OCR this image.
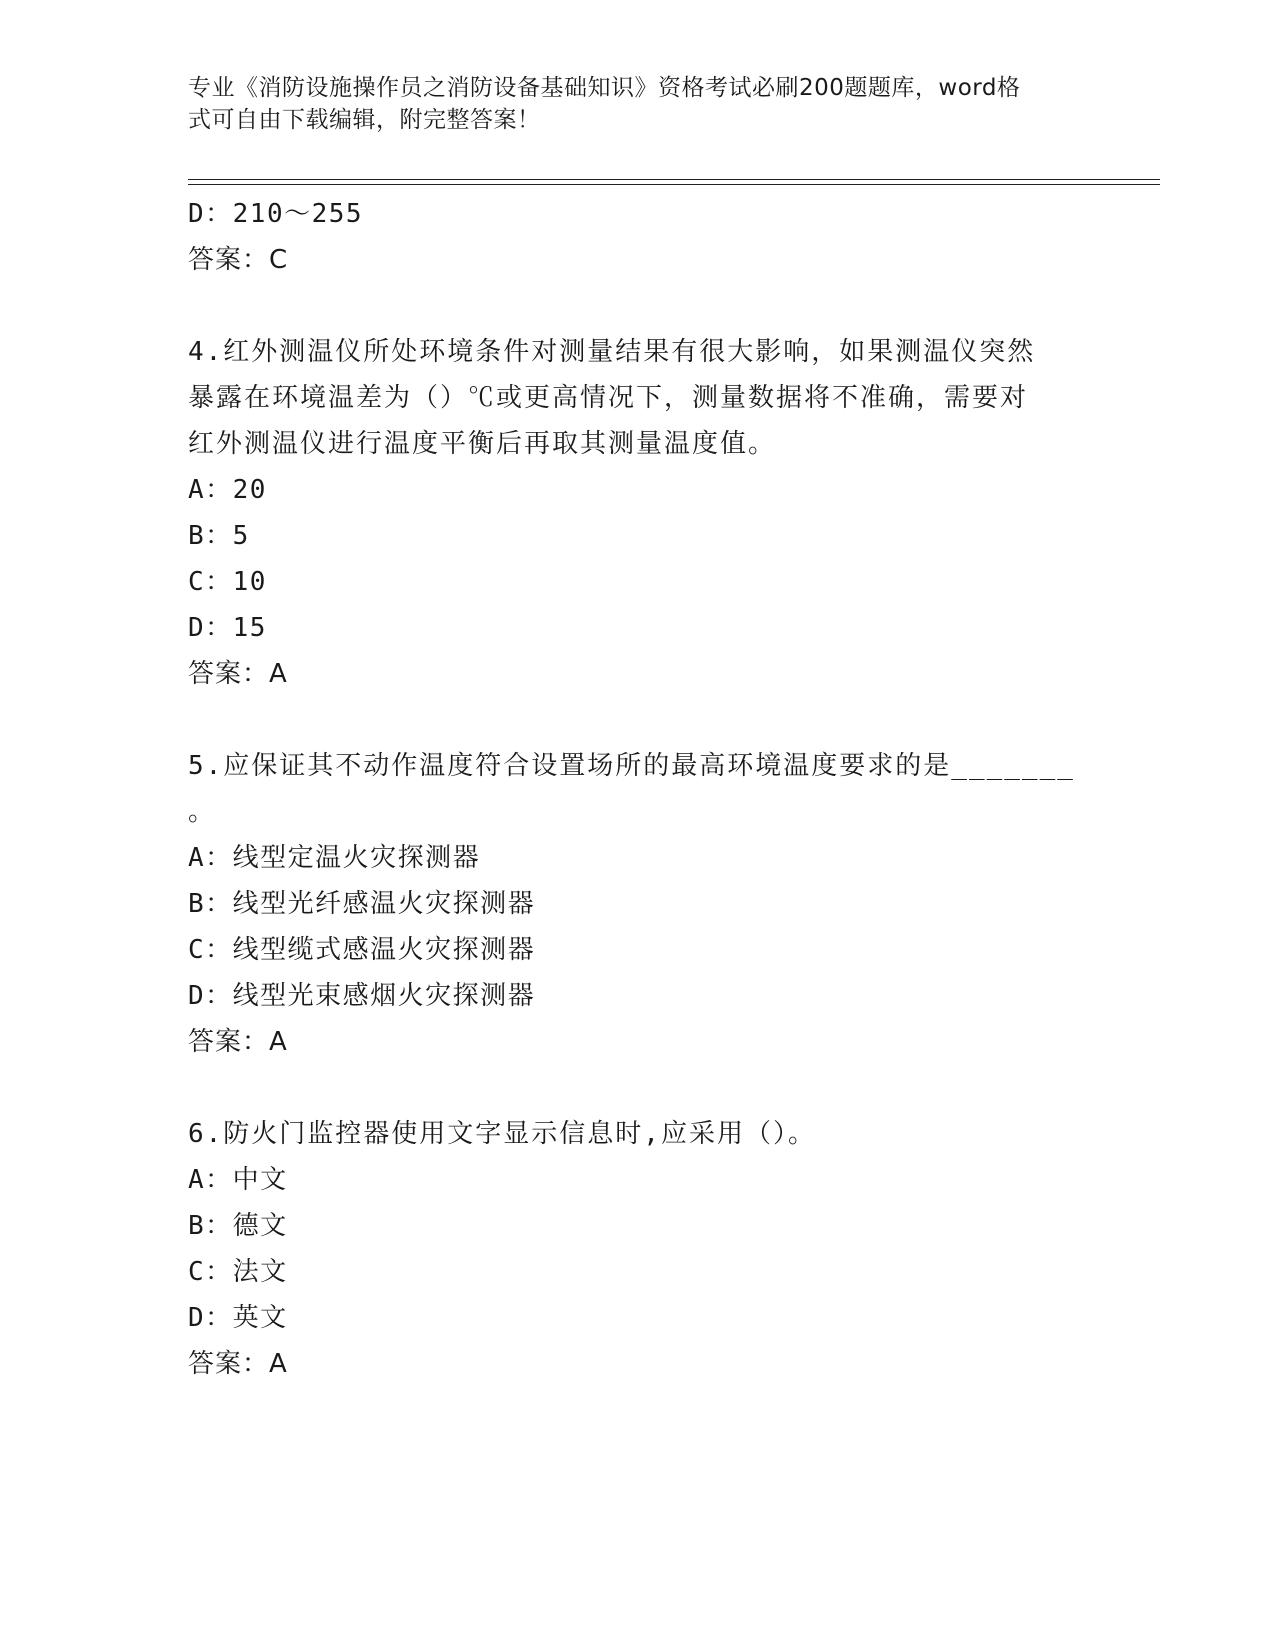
专业《消防设施操作员之消防设备基础知识》资格考试必刷200题题库，word格
式可自由下载编辑，附完整答案！
D：210～255
答案：C
4.红外测温仪所处环境条件对测量结果有很大影响，如果测温仪突然
暴露在环境温差为（）℃或更高情况下，测量数据将不准确，需要对
红外测温仪进行温度平衡后再取其测量温度值。
A：20
B：5
C：10
D：15
答案：A
5.应保证其不动作温度符合设置场所的最高环境温度要求的是_______
。
A：线型定温火灾探测器
B：线型光纤感温火灾探测器
C：线型缆式感温火灾探测器
D：线型光束感烟火灾探测器
答案：A
6.防火门监控器使用文字显示信息时,应采用（）。
A：中文
B：德文
C：法文
D：英文
答案：A
